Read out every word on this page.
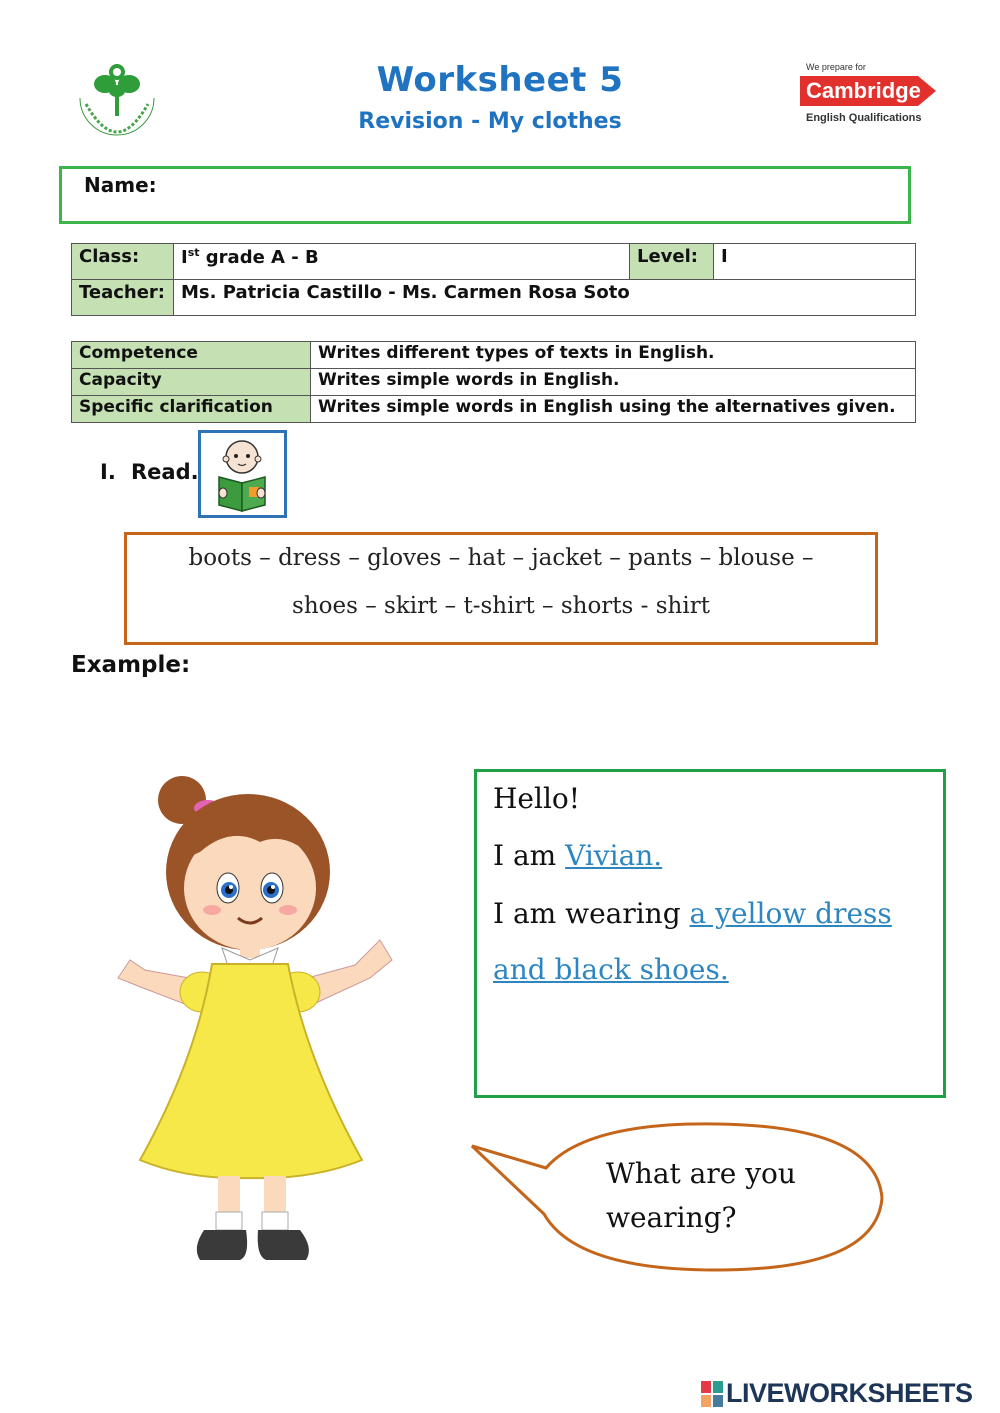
Worksheet 5
Revision - My clothes
We prepare for
Cambridge
English Qualifications
Name:
Class:	Ist grade A - B	Level:	I
Teacher:	Ms. Patricia Castillo - Ms. Carmen Rosa Soto		
Competence	Writes different types of texts in English.
Capacity	Writes simple words in English.
Specific clarification	Writes simple words in English using the alternatives given.
I. Read.
boots – dress – gloves – hat – jacket – pants – blouse –
shoes – skirt – t-shirt – shorts - shirt
Example:
Hello!
I am Vivian.
I am wearing a yellow dress
and black shoes.
What are you
wearing?
LIVEWORKSHEETS
